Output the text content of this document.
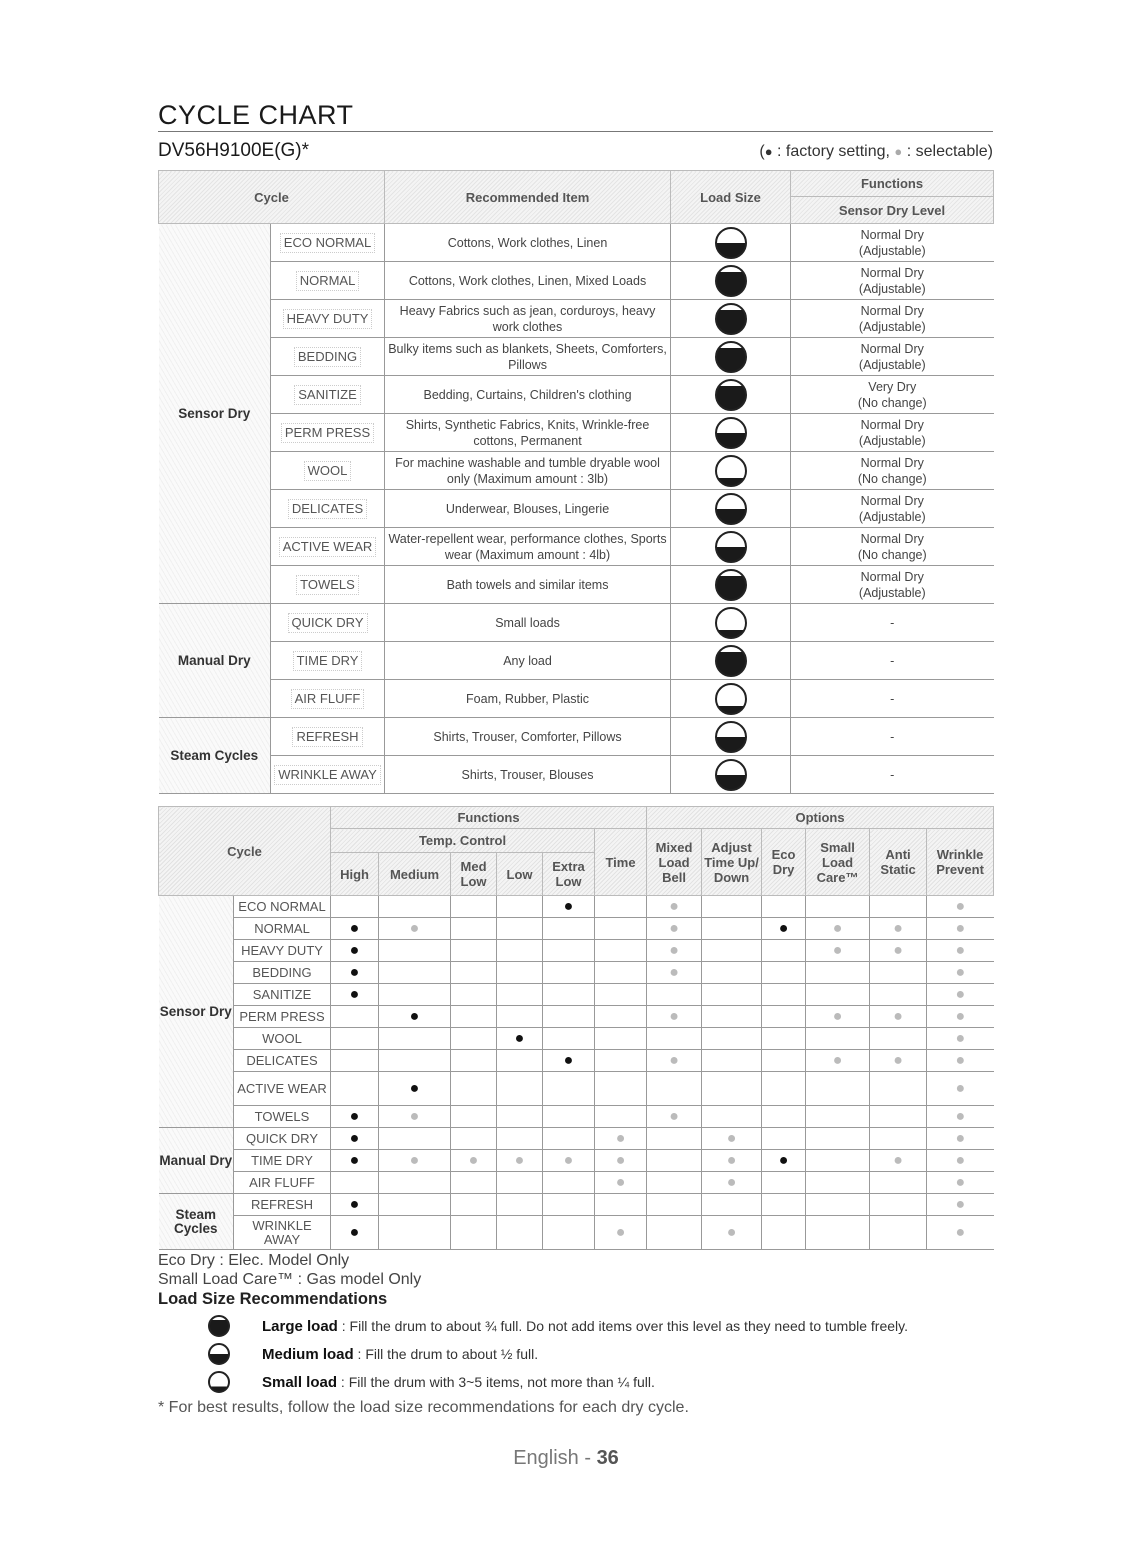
CYCLE CHART
DV56H9100E(G)*	(● : factory setting, ● : selectable)
Cycle		Recommended Item	Load Size	Functions
				Sensor Dry Level
Sensor Dry	ECO NORMAL	Cottons, Work clothes, Linen		Normal Dry
(Adjustable)

	NORMAL	Cottons, Work clothes, Linen, Mixed Loads		Normal Dry
(Adjustable)

	HEAVY DUTY	Heavy Fabrics such as jean, corduroys, heavy work clothes		Normal Dry
(Adjustable)

	BEDDING	Bulky items such as blankets, Sheets, Comforters, Pillows		Normal Dry
(Adjustable)

	SANITIZE	Bedding, Curtains, Children's clothing		Very Dry
(No change)

	PERM PRESS	Shirts, Synthetic Fabrics, Knits, Wrinkle-free cottons, Permanent		Normal Dry
(Adjustable)

	WOOL	For machine washable and tumble dryable wool only (Maximum amount : 3lb)		Normal Dry
(No change)

	DELICATES	Underwear, Blouses, Lingerie		Normal Dry
(Adjustable)

	ACTIVE WEAR	Water-repellent wear, performance clothes, Sports wear (Maximum amount : 4lb)		Normal Dry
(No change)

	TOWELS	Bath towels and similar items		Normal Dry
(Adjustable)

Manual Dry	QUICK DRY	Small loads		-

	TIME DRY	Any load		-

	AIR FLUFF	Foam, Rubber, Plastic		-

Steam Cycles	REFRESH	Shirts, Trouser, Comforter, Pillows		-

	WRINKLE AWAY	Shirts, Trouser, Blouses		-
Cycle		Functions						Options					
		Temp. Control					Time	Mixed Load Bell	Adjust Time Up/ Down	Eco Dry	Small Load Care™	Anti Static	Wrinkle Prevent
		High	Medium	Med Low	Low	Extra Low							
Sensor Dry	ECO NORMAL					●		●					●
	NORMAL	●	●					●		●	●	●	●
	HEAVY DUTY	●						●			●	●	●
	BEDDING	●						●					●
	SANITIZE	●											●
	PERM PRESS		●					●			●	●	●
	WOOL				●								●
	DELICATES					●		●			●	●	●
	ACTIVE WEAR		●										●
	TOWELS	●	●					●					●
Manual Dry	QUICK DRY	●					●		●				●
	TIME DRY	●	●	●	●	●	●		●	●		●	●
	AIR FLUFF						●		●				●
Steam Cycles	REFRESH	●											●
	WRINKLE AWAY	●					●		●				●
Eco Dry : Elec. Model Only
Small Load Care™ : Gas model Only
Load Size Recommendations
Large load : Fill the drum to about ¾ full. Do not add items over this level as they need to tumble freely.
Medium load : Fill the drum to about ½ full.
Small load : Fill the drum with 3~5 items, not more than ¼ full.
* For best results, follow the load size recommendations for each dry cycle.
English - 36
